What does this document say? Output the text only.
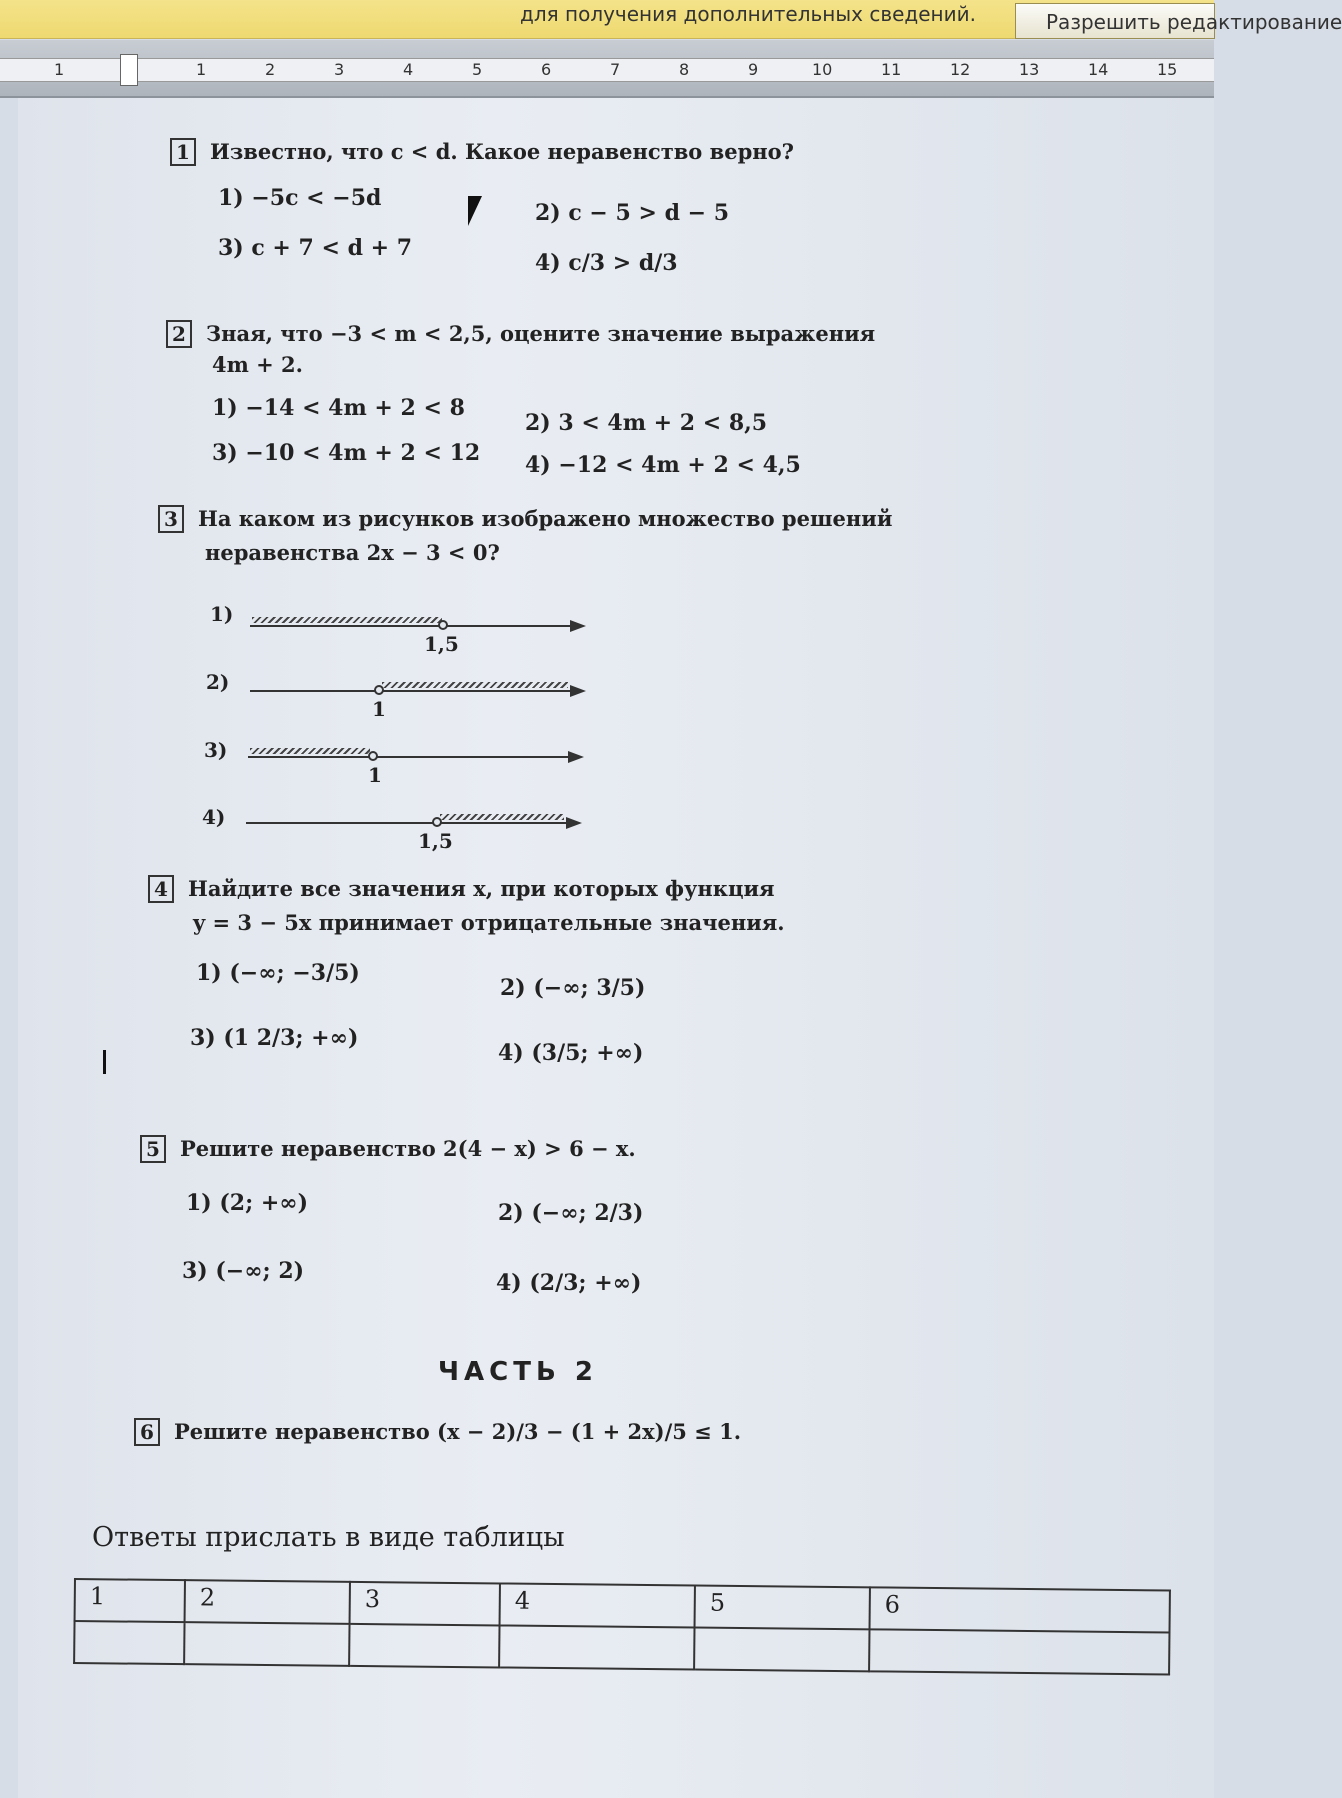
для получения дополнительных сведений.	Разрешить редактирование
1	1	2	3	4	5	6	7	8	9	10	11	12	13	14	15
1 Известно, что c < d. Какое неравенство верно?
1) −5c < −5d
2) c − 5 > d − 5
3) c + 7 < d + 7
4) c/3 > d/3
2 Зная, что −3 < m < 2,5, оцените значение выражения
4m + 2.
1) −14 < 4m + 2 < 8
2) 3 < 4m + 2 < 8,5
3) −10 < 4m + 2 < 12 4) −12 < 4m + 2 < 4,5
3 На каком из рисунков изображено множество решений
неравенства 2x − 3 < 0?
1)
1,5
2)
1
3)
1
4)
1,5
4 Найдите все значения x, при которых функция
y = 3 − 5x принимает отрицательные значения.
1) (−∞; −3/5)
2) (−∞; 3/5)
3) (1 2/3; +∞)
4) (3/5; +∞)
5 Решите неравенство 2(4 − x) > 6 − x.
1) (2; +∞)	2) (−∞; 2/3)
3) (−∞; 2)	4) (2/3; +∞)
ЧАСТЬ 2
6 Решите неравенство (x − 2)/3 − (1 + 2x)/5 ≤ 1.
Ответы прислать в виде таблицы
1	2	3	4	5	6
